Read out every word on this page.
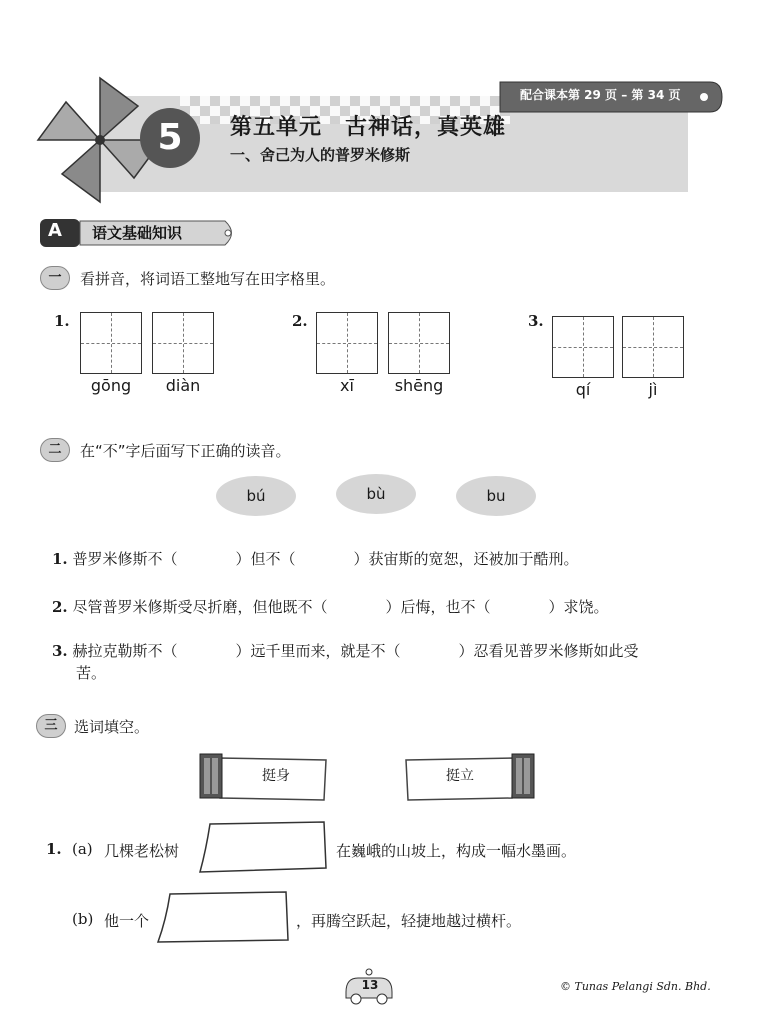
5	第五单元　古神话，真英雄
一、舍己为人的普罗米修斯
配合课本第 29 页 – 第 34 页
A 语文基础知识
一	看拼音，将词语工整地写在田字格里。
1.
gōng	diàn
2.
xī	shēng
3.
qí	jì
二	在“不”字后面写下正确的读音。
bú	bù	bu
1. 普罗米修斯不（	）但不（	）获宙斯的宽恕，还被加于酷刑。
2. 尽管普罗米修斯受尽折磨，但他既不（	）后悔，也不（	）求饶。
3. 赫拉克勒斯不（	）远千里而来，就是不（	）忍看见普罗米修斯如此受
苦。
三	选词填空。
挺身	挺立
1. (a) 几棵老松树	在巍峨的山坡上，构成一幅水墨画。
(b) 他一个	，再腾空跃起，轻捷地越过横杆。
13	© Tunas Pelangi Sdn. Bhd.
